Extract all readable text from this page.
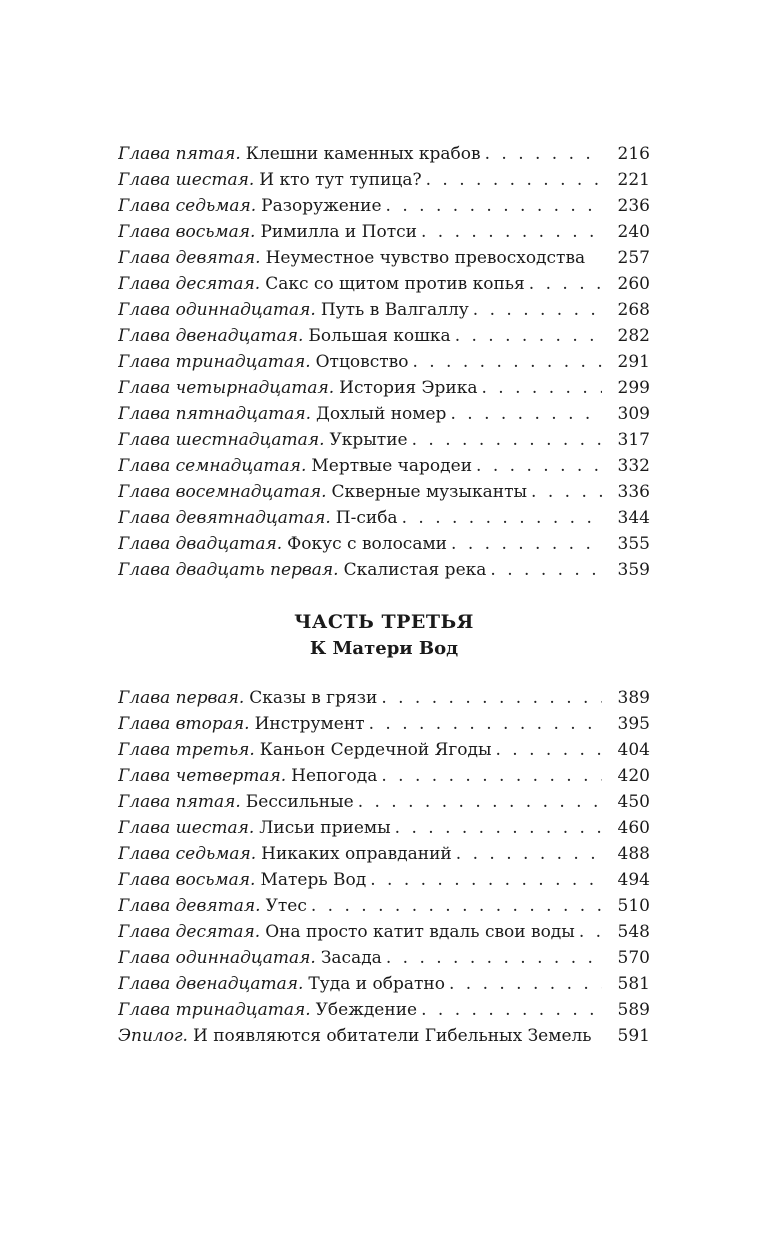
Глава пятая. Клешни каменных крабов . . .	216
Глава шестая. И кто тут тупица? . . .	221
Глава седьмая. Разоружение . . .	236
Глава восьмая. Римилла и Потси . . .	240
Глава девятая. Неуместное чувство превосходства	257
Глава десятая. Сакс со щитом против копья . . .	260
Глава одиннадцатая. Путь в Валгаллу . . .	268
Глава двенадцатая. Большая кошка . . .	282
Глава тринадцатая. Отцовство . . .	291
Глава четырнадцатая. История Эрика . . .	299
Глава пятнадцатая. Дохлый номер . . .	309
Глава шестнадцатая. Укрытие . . .	317
Глава семнадцатая. Мертвые чародеи . . .	332
Глава восемнадцатая. Скверные музыканты . . .	336
Глава девятнадцатая. П-сиба . . .	344
Глава двадцатая. Фокус с волосами . . .	355
Глава двадцать первая. Скалистая река . . .	359
ЧАСТЬ ТРЕТЬЯ
К Матери Вод
Глава первая. Сказы в грязи . . .	389
Глава вторая. Инструмент . . .	395
Глава третья. Каньон Сердечной Ягоды . . .	404
Глава четвертая. Непогода . . .	420
Глава пятая. Бессильные . . .	450
Глава шестая. Лисьи приемы . . .	460
Глава седьмая. Никаких оправданий . . .	488
Глава восьмая. Матерь Вод . . .	494
Глава девятая. Утес . . .	510
Глава десятая. Она просто катит вдаль свои воды . . .	548
Глава одиннадцатая. Засада . . .	570
Глава двенадцатая. Туда и обратно . . .	581
Глава тринадцатая. Убеждение . . .	589
Эпилог. И появляются обитатели Гибельных Земель	591
